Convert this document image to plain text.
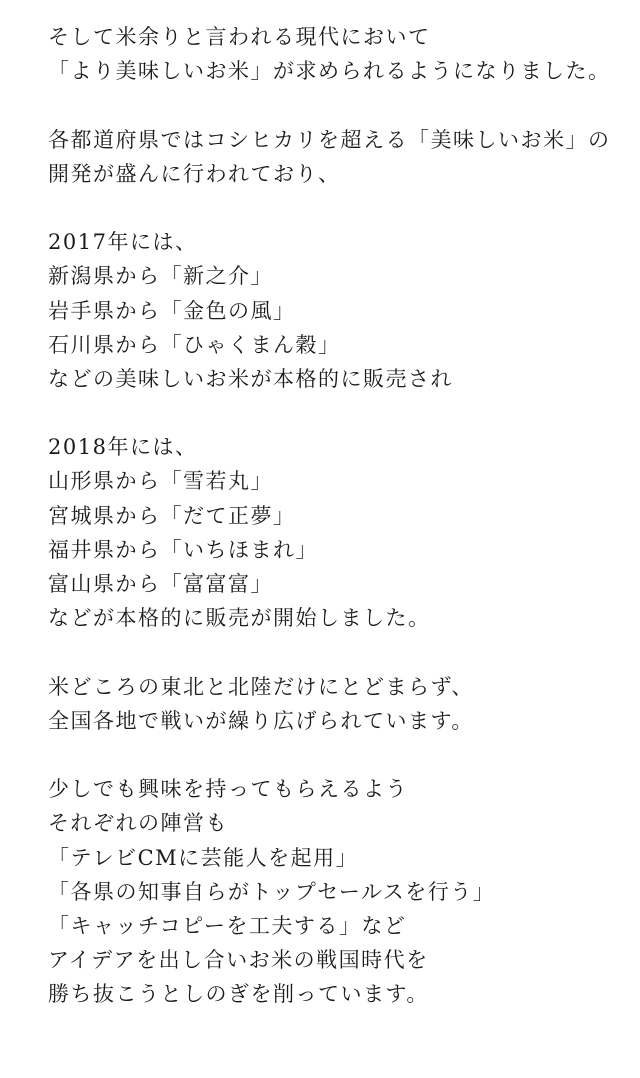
そして米余りと言われる現代において
「より美味しいお米」が求められるようになりました。
各都道府県ではコシヒカリを超える「美味しいお米」の
開発が盛んに行われており、
2017年には、
新潟県から「新之介」
岩手県から「金色の風」
石川県から「ひゃくまん穀」
などの美味しいお米が本格的に販売され
2018年には、
山形県から「雪若丸」
宮城県から「だて正夢」
福井県から「いちほまれ」
富山県から「富富富」
などが本格的に販売が開始しました。
米どころの東北と北陸だけにとどまらず、
全国各地で戦いが繰り広げられています。
少しでも興味を持ってもらえるよう
それぞれの陣営も
「テレビCMに芸能人を起用」
「各県の知事自らがトップセールスを行う」
「キャッチコピーを工夫する」など
アイデアを出し合いお米の戦国時代を
勝ち抜こうとしのぎを削っています。
